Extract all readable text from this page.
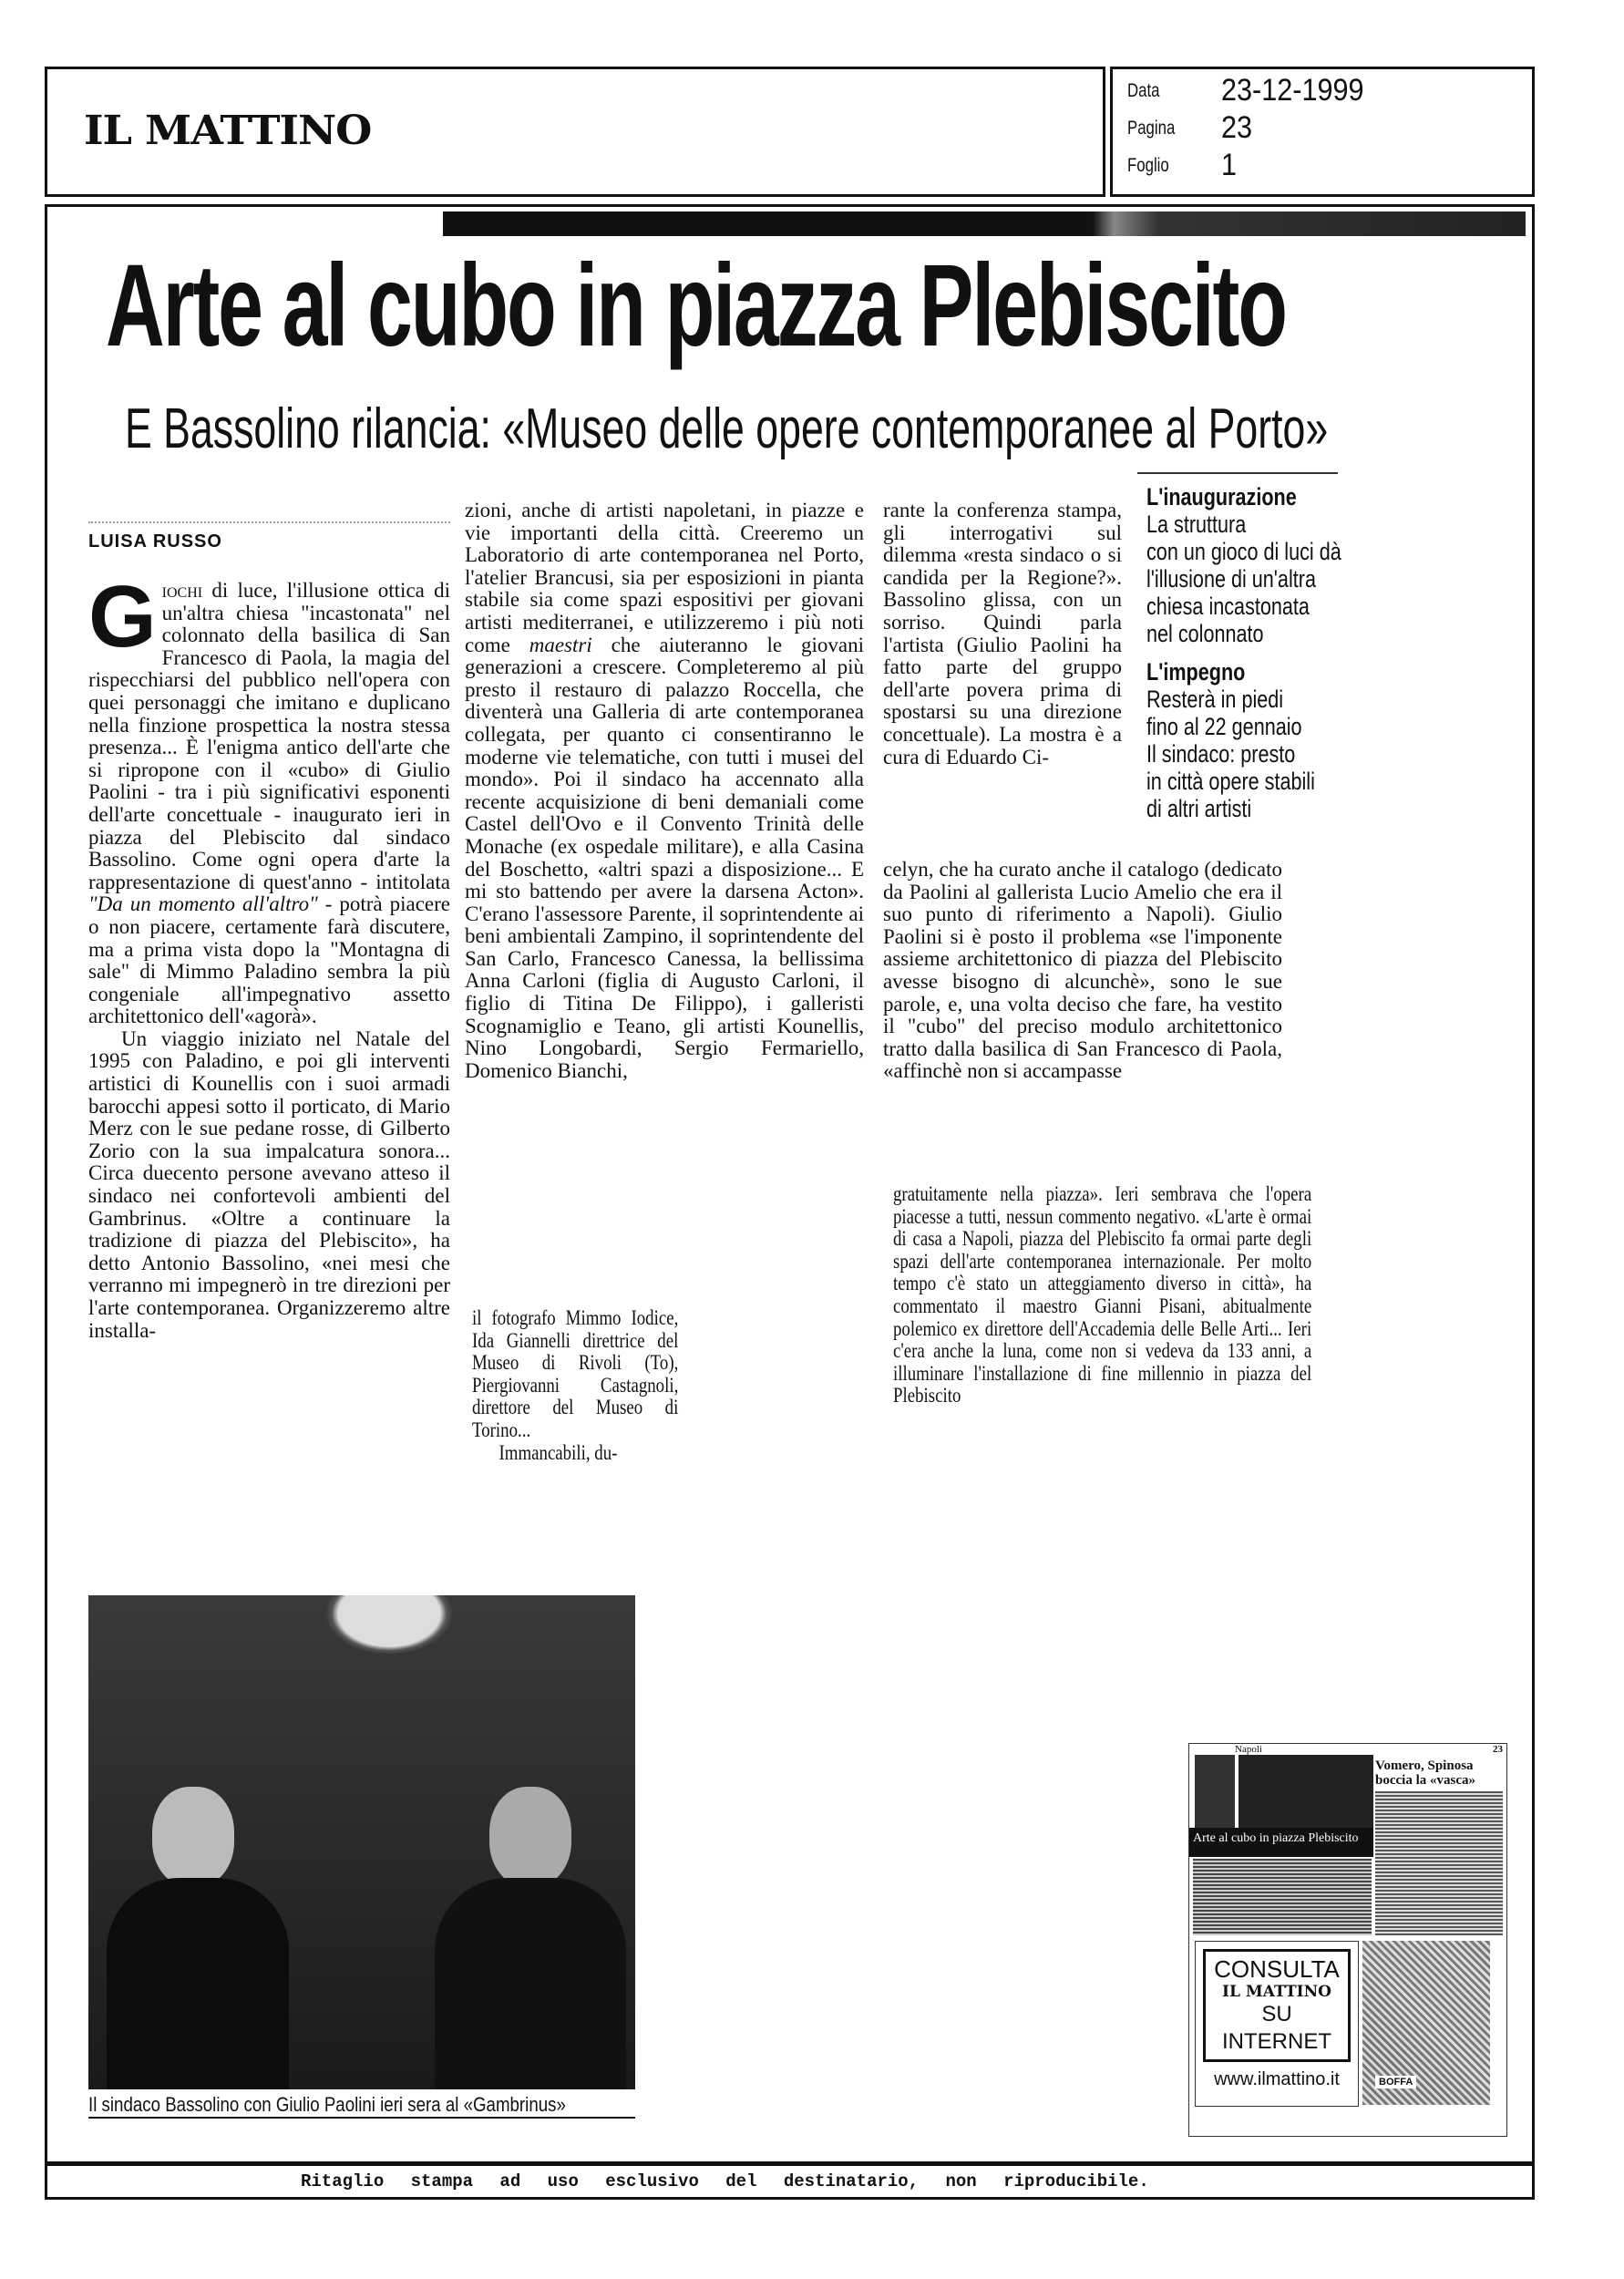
IL MATTINO
Data 23-12-1999
Pagina 23
Foglio 1
Arte al cubo in piazza Plebiscito
E Bassolino rilancia: «Museo delle opere contemporanee al Porto»
LUISA RUSSO

Giochi di luce, l'illusione ottica di un'altra chiesa "incastonata" nel colonnato della basilica di San Francesco di Paola, la magia del rispecchiarsi del pubblico nell'opera con quei personaggi che imitano e duplicano nella finzione prospettica la nostra stessa presenza... È l'enigma antico dell'arte che si ripropone con il «cubo» di Giulio Paolini - tra i più significativi esponenti dell'arte concettuale - inaugurato ieri in piazza del Plebiscito dal sindaco Bassolino. Come ogni opera d'arte la rappresentazione di quest'anno - intitolata "Da un momento all'altro" - potrà piacere o non piacere, certamente farà discutere, ma a prima vista dopo la "Montagna di sale" di Mimmo Paladino sembra la più congeniale all'impegnativo assetto architettonico dell'«agorà».

Un viaggio iniziato nel Natale del 1995 con Paladino, e poi gli interventi artistici di Kounellis con i suoi armadi barocchi appesi sotto il porticato, di Mario Merz con le sue pedane rosse, di Gilberto Zorio con la sua impalcatura sonora... Circa duecento persone avevano atteso il sindaco nei confortevoli ambienti del Gambrinus. «Oltre a continuare la tradizione di piazza del Plebiscito», ha detto Antonio Bassolino, «nei mesi che verranno mi impegnerò in tre direzioni per l'arte contemporanea. Organizzeremo altre installa-

zioni, anche di artisti napoletani, in piazze e vie importanti della città. Creeremo un Laboratorio di arte contemporanea nel Porto, l'atelier Brancusi, sia per esposizioni in pianta stabile sia come spazi espositivi per giovani artisti mediterranei, e utilizzeremo i più noti come maestri che aiuteranno le giovani generazioni a crescere. Completeremo al più presto il restauro di palazzo Roccella, che diventerà una Galleria di arte contemporanea collegata, per quanto ci consentiranno le moderne vie telematiche, con tutti i musei del mondo». Poi il sindaco ha accennato alla recente acquisizione di beni demaniali come Castel dell'Ovo e il Convento Trinità delle Monache (ex ospedale militare), e alla Casina del Boschetto, «altri spazi a disposizione... E mi sto battendo per avere la darsena Acton». C'erano l'assessore Parente, il soprintendente ai beni ambientali Zampino, il soprintendente del San Carlo, Francesco Canessa, la bellissima Anna Carloni (figlia di Augusto Carloni, il figlio di Titina De Filippo), i galleristi Scognamiglio e Teano, gli artisti Kounellis, Nino Longobardi, Sergio Fermariello, Domenico Bianchi,

il fotografo Mimmo Iodice, Ida Giannelli direttrice del Museo di Rivoli (To), Piergiovanni Castagnoli, direttore del Museo di Torino...

Immancabili, du-

rante la conferenza stampa, gli interrogativi sul dilemma «resta sindaco o si candida per la Regione?». Bassolino glissa, con un sorriso. Quindi parla l'artista (Giulio Paolini ha fatto parte del gruppo dell'arte povera prima di spostarsi su una direzione concettuale). La mostra è a cura di Eduardo Ci-

celyn, che ha curato anche il catalogo (dedicato da Paolini al gallerista Lucio Amelio che era il suo punto di riferimento a Napoli). Giulio Paolini si è posto il problema «se l'imponente assieme architettonico di piazza del Plebiscito avesse bisogno di alcunchè», sono le sue parole, e, una volta deciso che fare, ha vestito il "cubo" del preciso modulo architettonico tratto dalla basilica di San Francesco di Paola, «affinchè non si accampasse

gratuitamente nella piazza». Ieri sembrava che l'opera piacesse a tutti, nessun commento negativo. «L'arte è ormai di casa a Napoli, piazza del Plebiscito fa ormai parte degli spazi dell'arte contemporanea internazionale. Per molto tempo c'è stato un atteggiamento diverso in città», ha commentato il maestro Gianni Pisani, abitualmente polemico ex direttore dell'Accademia delle Belle Arti... Ieri c'era anche la luna, come non si vedeva da 133 anni, a illuminare l'installazione di fine millennio in piazza del Plebiscito

L'inaugurazione
La struttura
con un gioco di luci dà
l'illusione di un'altra
chiesa incastonata
nel colonnato
L'impegno
Resterà in piedi
fino al 22 gennaio
Il sindaco: presto
in città opere stabili
di altri artisti
Il sindaco Bassolino con Giulio Paolini ieri sera al «Gambrinus»
Napoli	23
Arte al cubo in piazza Plebiscito
Vomero, Spinosa boccia la «vasca»
CONSULTA
IL MATTINO
SU INTERNET
www.ilmattino.it	BOFFA
Ritaglio stampa ad uso esclusivo del destinatario, non riproducibile.
